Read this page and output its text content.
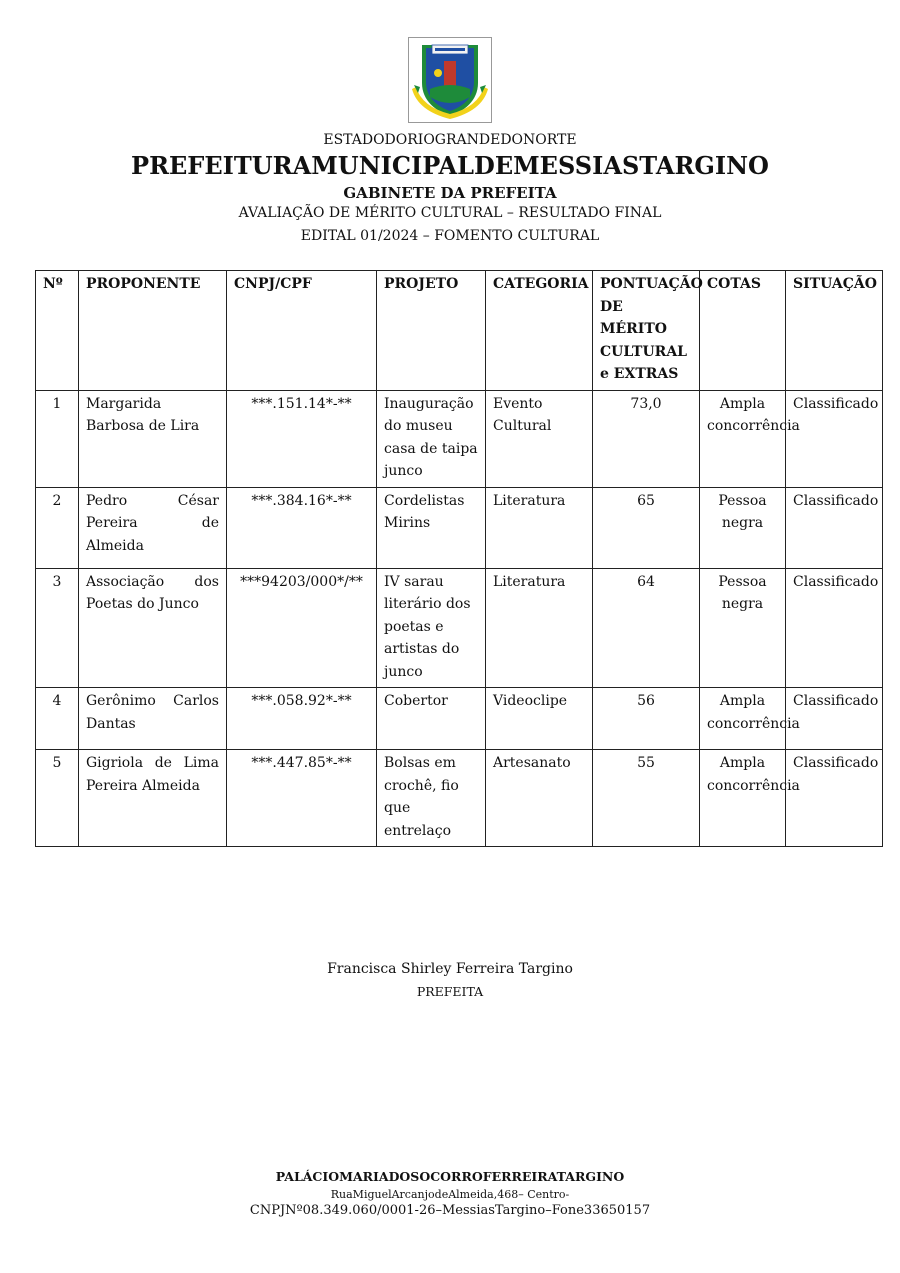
ESTADODORIOGRANDEDONORTE
PREFEITURAMUNICIPALDEMESSIASTARGINO
GABINETE DA PREFEITA
AVALIAÇÃO DE MÉRITO CULTURAL – RESULTADO FINAL
EDITAL 01/2024 – FOMENTO CULTURAL
Nº	PROPONENTE	CNPJ/CPF	PROJETO	CATEGORIA	PONTUAÇÃO DE MÉRITO CULTURAL e EXTRAS	COTAS	SITUAÇÃO
1	Margarida Barbosa de Lira	***.151.14*-**	Inauguração do museu casa de taipa junco	Evento Cultural	73,0	Ampla concorrência	Classificado
2	Pedro César Pereira de Almeida	***.384.16*-**	Cordelistas Mirins	Literatura	65	Pessoa negra	Classificado
3	Associação dos Poetas do Junco	***94203/000*/**	IV sarau literário dos poetas e artistas do junco	Literatura	64	Pessoa negra	Classificado
4	Gerônimo Carlos Dantas	***.058.92*-**	Cobertor	Videoclipe	56	Ampla concorrência	Classificado
5	Gigriola de Lima Pereira Almeida	***.447.85*-**	Bolsas em crochê, fio que entrelaço	Artesanato	55	Ampla concorrência	Classificado
Francisca Shirley Ferreira Targino
PREFEITA
PALÁCIOMARIADOSOCORROFERREIRATARGINO
RuaMiguelArcanjodeAlmeida,468– Centro-
CNPJNº08.349.060/0001-26–MessiasTargino–Fone33650157
